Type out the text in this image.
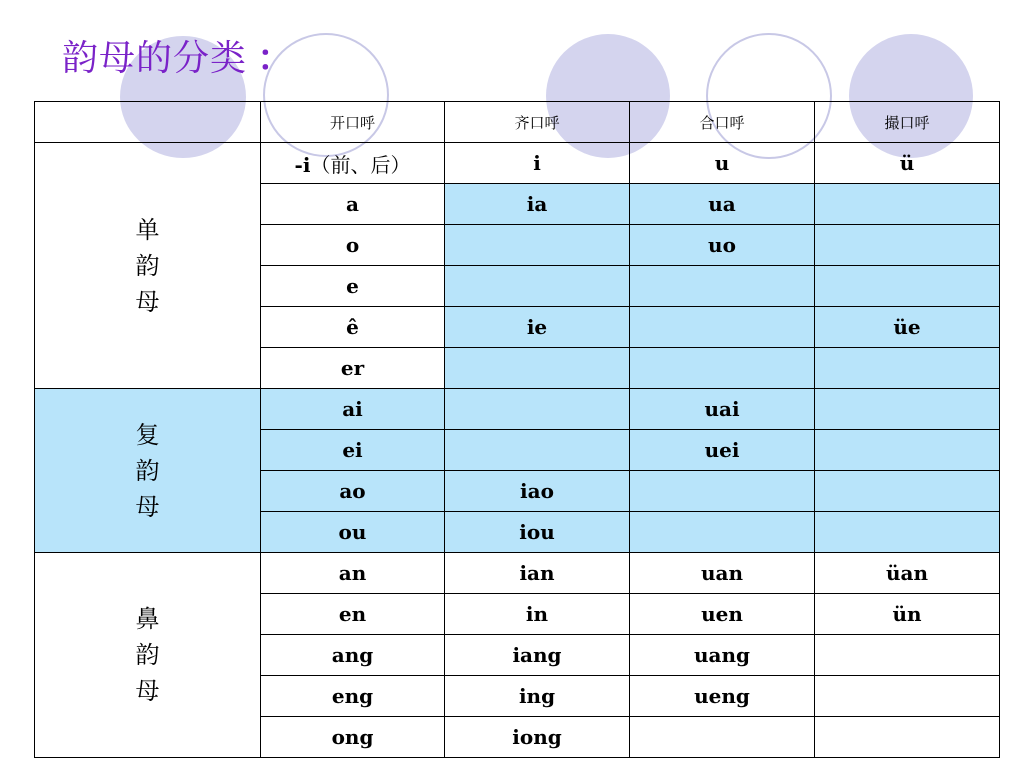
韵母的分类 ：
	开口呼	齐口呼	合口呼	撮口呼

单
韵
母	-i（前、后）	i	u	ü
	a	ia	ua	
	o		uo	
	e			
	ê	ie		üe
	er			

复
韵
母	ai		uai	
	ei		uei	
	ao	iao		
	ou	iou		

鼻
韵
母	an	ian	uan	üan
	en	in	uen	ün
	ang	iang	uang	
	eng	ing	ueng	
	ong	iong		
